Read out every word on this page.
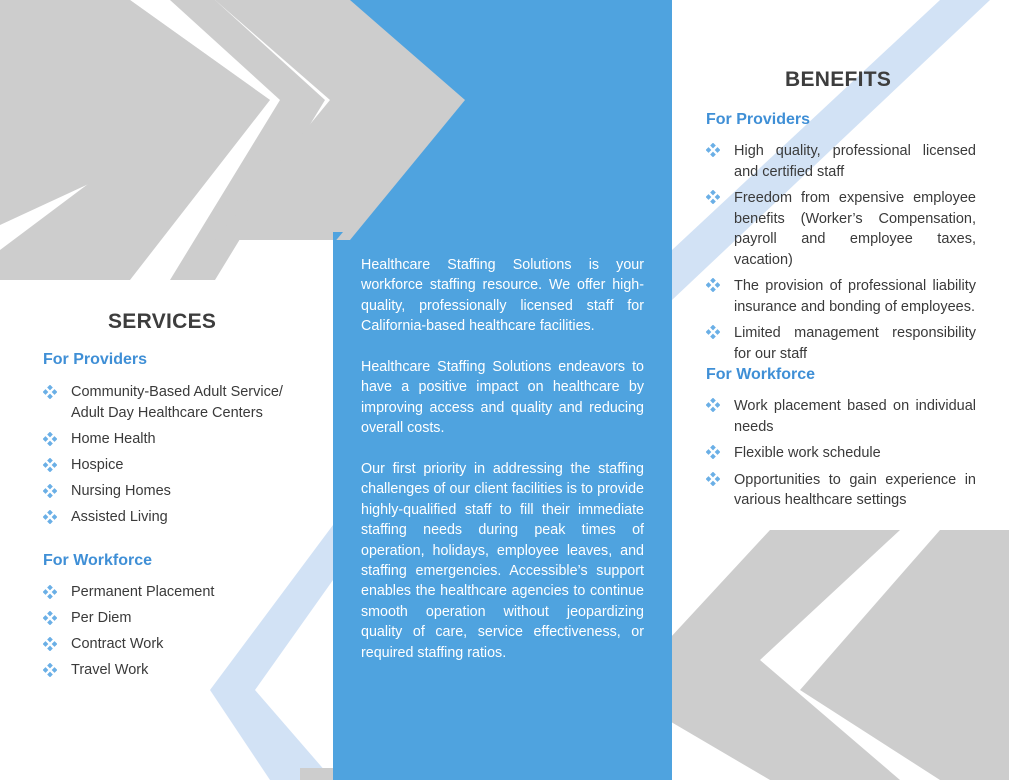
Healthcare Staffing Solutions is your workforce staffing resource. We offer high-quality, professionally licensed staff for California-based healthcare facilities.

Healthcare Staffing Solutions endeavors to have a positive impact on healthcare by improving access and quality and reducing overall costs.

Our first priority in addressing the staffing challenges of our client facilities is to provide highly-qualified staff to fill their immediate staffing needs during peak times of operation, holidays, employee leaves, and staffing emergencies. Accessible’s support enables the healthcare agencies to continue smooth operation without jeopardizing quality of care, service effectiveness, or required staffing ratios.

SERVICES
For Providers
Community-Based Adult Service/ Adult Day Healthcare Centers
Home Health
Hospice
Nursing Homes
Assisted Living
For Workforce
Permanent Placement
Per Diem
Contract Work
Travel Work
BENEFITS
For Providers
High quality, professional licensed and certified staff
Freedom from expensive employee benefits (Worker’s Compensation, payroll and employee taxes, vacation)
The provision of professional liability insurance and bonding of employees.
Limited management responsibility for our staff
For Workforce
Work placement based on individual needs
Flexible work schedule
Opportunities to gain experience in various healthcare settings
